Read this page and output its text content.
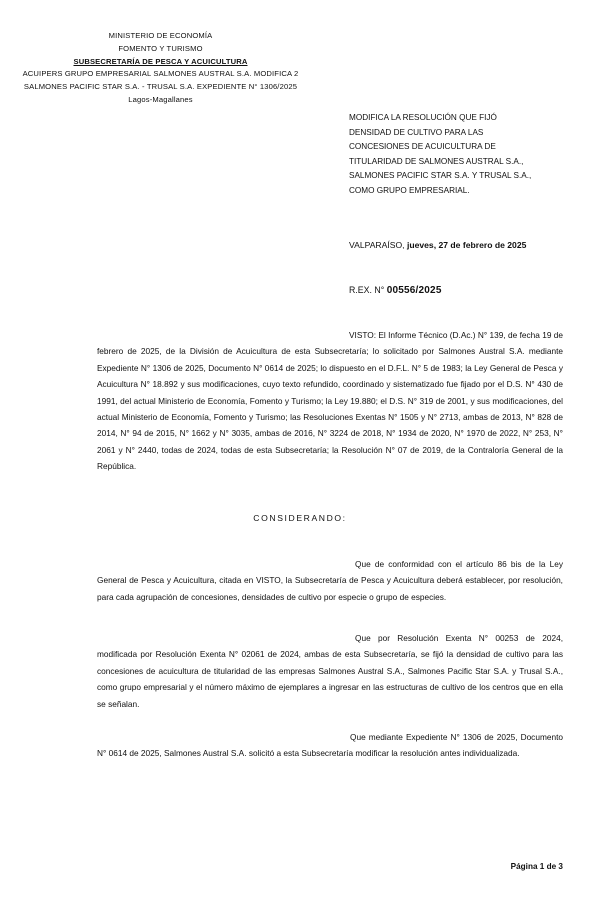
MINISTERIO DE ECONOMÍA
FOMENTO Y TURISMO
SUBSECRETARÍA DE PESCA Y ACUICULTURA
ACUIPERS GRUPO EMPRESARIAL SALMONES AUSTRAL S.A. MODIFICA 2
SALMONES PACIFIC STAR S.A. - TRUSAL S.A. EXPEDIENTE N° 1306/2025
Lagos-Magallanes
MODIFICA LA RESOLUCIÓN QUE FIJÓ
DENSIDAD DE CULTIVO PARA LAS
CONCESIONES DE ACUICULTURA DE
TITULARIDAD DE SALMONES AUSTRAL S.A.,
SALMONES PACIFIC STAR S.A. Y TRUSAL S.A.,
COMO GRUPO EMPRESARIAL.
VALPARAÍSO, jueves, 27 de febrero de 2025
R.EX. N° 00556/2025
VISTO: El Informe Técnico (D.Ac.) N° 139, de fecha 19 de febrero de 2025, de la División de Acuicultura de esta Subsecretaría; lo solicitado por Salmones Austral S.A. mediante Expediente N° 1306 de 2025, Documento N° 0614 de 2025; lo dispuesto en el D.F.L. N° 5 de 1983; la Ley General de Pesca y Acuicultura N° 18.892 y sus modificaciones, cuyo texto refundido, coordinado y sistematizado fue fijado por el D.S. N° 430 de 1991, del actual Ministerio de Economía, Fomento y Turismo; la Ley 19.880; el D.S. N° 319 de 2001, y sus modificaciones, del actual Ministerio de Economía, Fomento y Turismo; las Resoluciones Exentas N° 1505 y N° 2713, ambas de 2013, N° 828 de 2014, N° 94 de 2015, N° 1662 y N° 3035, ambas de 2016, N° 3224 de 2018, N° 1934 de 2020, N° 1970 de 2022, N° 253, N° 2061 y N° 2440, todas de 2024, todas de esta Subsecretaría; la Resolución N° 07 de 2019, de la Contraloría General de la República.
CONSIDERANDO:
Que de conformidad con el artículo 86 bis de la Ley General de Pesca y Acuicultura, citada en VISTO, la Subsecretaría de Pesca y Acuicultura deberá establecer, por resolución, para cada agrupación de concesiones, densidades de cultivo por especie o grupo de especies.
Que por Resolución Exenta N° 00253 de 2024, modificada por Resolución Exenta N° 02061 de 2024, ambas de esta Subsecretaría, se fijó la densidad de cultivo para las concesiones de acuicultura de titularidad de las empresas Salmones Austral S.A., Salmones Pacific Star S.A. y Trusal S.A., como grupo empresarial y el número máximo de ejemplares a ingresar en las estructuras de cultivo de los centros que en ella se señalan.
Que mediante Expediente N° 1306 de 2025, Documento N° 0614 de 2025, Salmones Austral S.A. solicitó a esta Subsecretaría modificar la resolución antes individualizada.
Página 1 de 3
